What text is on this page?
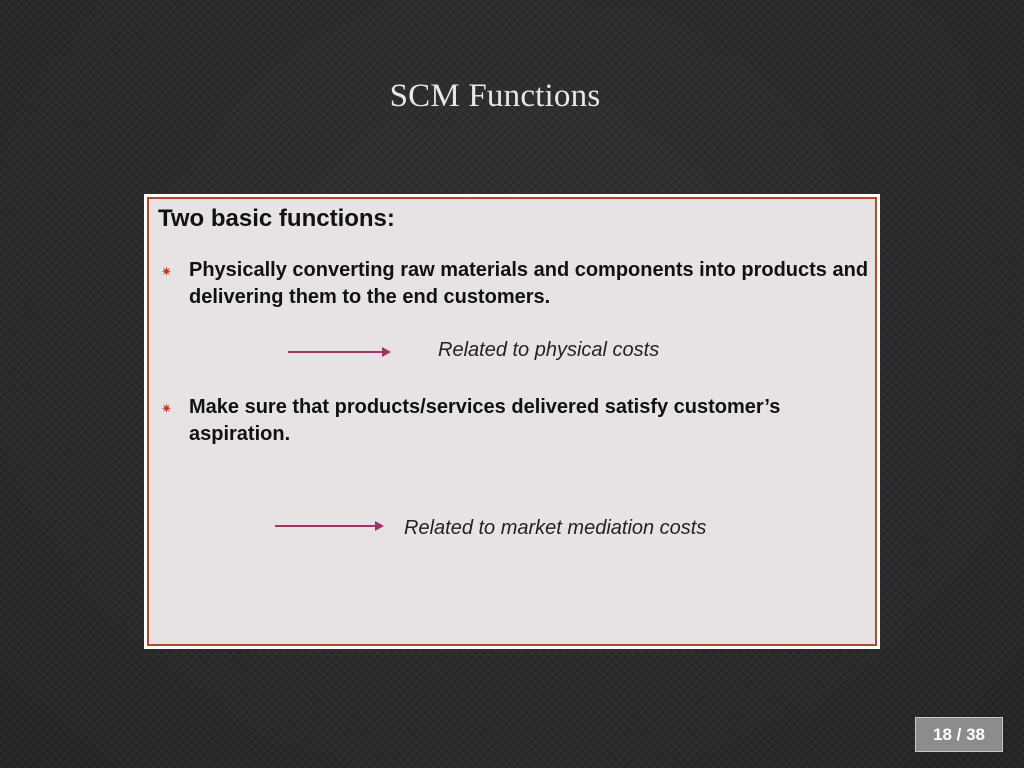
SCM Functions
Two basic functions:
✷ Physically converting raw materials and components into products and delivering them to the end customers.
Related to physical costs
✷ Make sure that products/services delivered satisfy customer’s aspiration.
Related to market mediation costs
18 / 38
